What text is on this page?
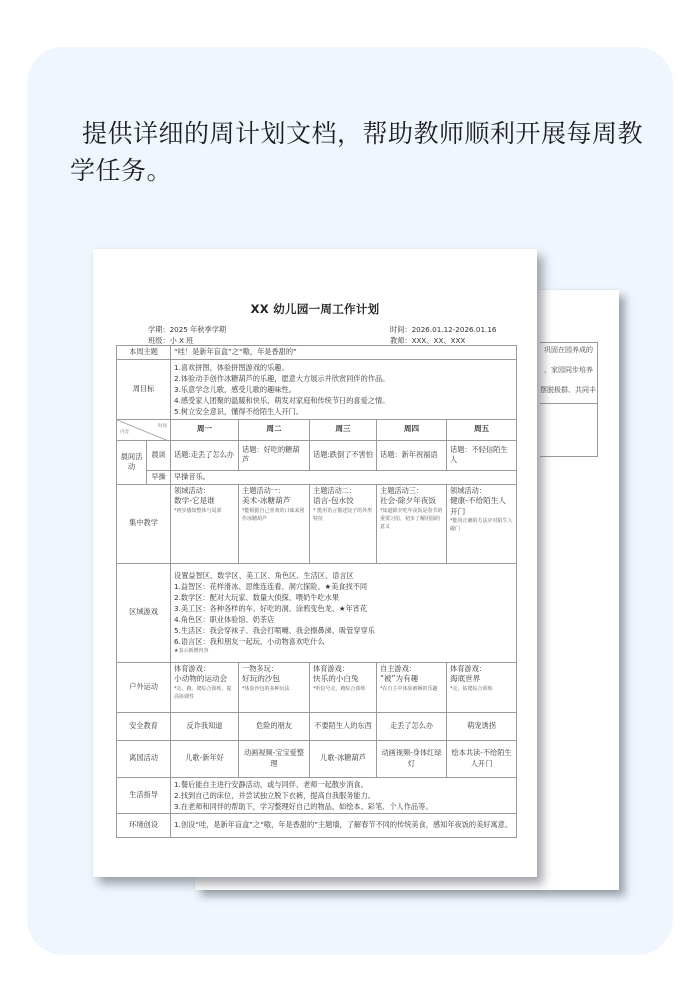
提供详细的周计划文档，帮助教师顺利开展每周教学任务。
巩固在园养成的
，家园同步培养
摆脱极群、共同丰
XX 幼儿园一周工作计划
学期：2025 年秋季学期
班级：小 X 班
时间：2026.01.12-2026.01.16
教师：XXX、XX、XXX
本周主题		“哇！是新年盲盒”之“嗷，年是香甜的”				
周目标		1.喜欢拼图，体验拼图游戏的乐趣。
2.体验动手创作冰糖葫芦的乐趣，愿意大方展示并欣赏同伴的作品。
3.乐意学念儿歌，感受儿歌的趣味性。
4.感受家人团聚的温暖和快乐，萌发对家庭和传统节日的喜爱之情。
5.树立安全意识，懂得不给陌生人开门。				

内容
时间		周一	周二	周三	周四	周五
晨间活动	晨谈	话题:走丢了怎么办	话题：好吃的糖葫芦	话题:跌倒了不害怕	话题：新年祝福语	话题：不轻信陌生人
	早操	早操音乐。				
集中教学		领域活动：
数学-它是谁
*初步感知整体与局部	主题活动一：
美术-冰糖葫芦
*能根据自己喜欢的口味来创作冰糖葫芦	主题活动二：
语言-包水饺
* 能用语言描述饺子的外形特征	主题活动三：
社会-除夕年夜饭
*知道除夕吃年夜饭是春节的重要习俗，初步了解团圆的意义	领域活动：
健康-不给陌生人开门
*能用正确的方法应对陌生人敲门

区域游戏	
设置益智区、数学区、美工区、角色区、生活区、语言区
1.益智区：花样滑冰、思维连连看、洞穴探险、★美食找不同
2.数学区：配对大玩家、数量大侦探、喂奶牛吃水果
3.美工区：各种各样的车、好吃的洞、涂鸦变色龙、★年宵花
4.角色区：职业体验馆、奶茶店
5.生活区：我会穿袜子、我会打喷嚏、我会擦鼻涕、吸管穿穿乐
6.语言区：我和朋友一起玩、小动物喜欢吃什么
★表示新增内容

户外运动		体育游戏：
小动物的运动会
*走、跑、爬综合训练，提高协调性	一物多玩：
好玩的沙包
*体验沙包的多种玩法	体育游戏：
快乐的小白兔
*听信号走、跑综合训练	自主游戏：
“被”为有趣
*在自主中体验被褥的乐趣	体育游戏：
海底世界
*走、钻爬综合训练

安全教育		反诈我知道	危险的朋友	不要陌生人的东西	走丢了怎么办	萌宠诱拐
离园活动		儿歌-新年好	动画视频-宝宝爱整理	儿歌-冰糖葫芦	动画视频-身体红绿灯	绘本共读-不给陌生人开门
生活指导		1.餐后能自主进行安静活动，或与同伴、老师一起散步消食。
2.找到自己的床位，并尝试独立脱下衣裤，提高自我服务能力。
3.在老师和同伴的帮助下，学习整理好自己的物品，如绘本、彩笔、个人作品等。				

环境创设		1.创设“哇，是新年盲盒”之“嗷，年是香甜的”主题墙，了解春节不同的传统美食，感知年夜饭的美好寓意。				
